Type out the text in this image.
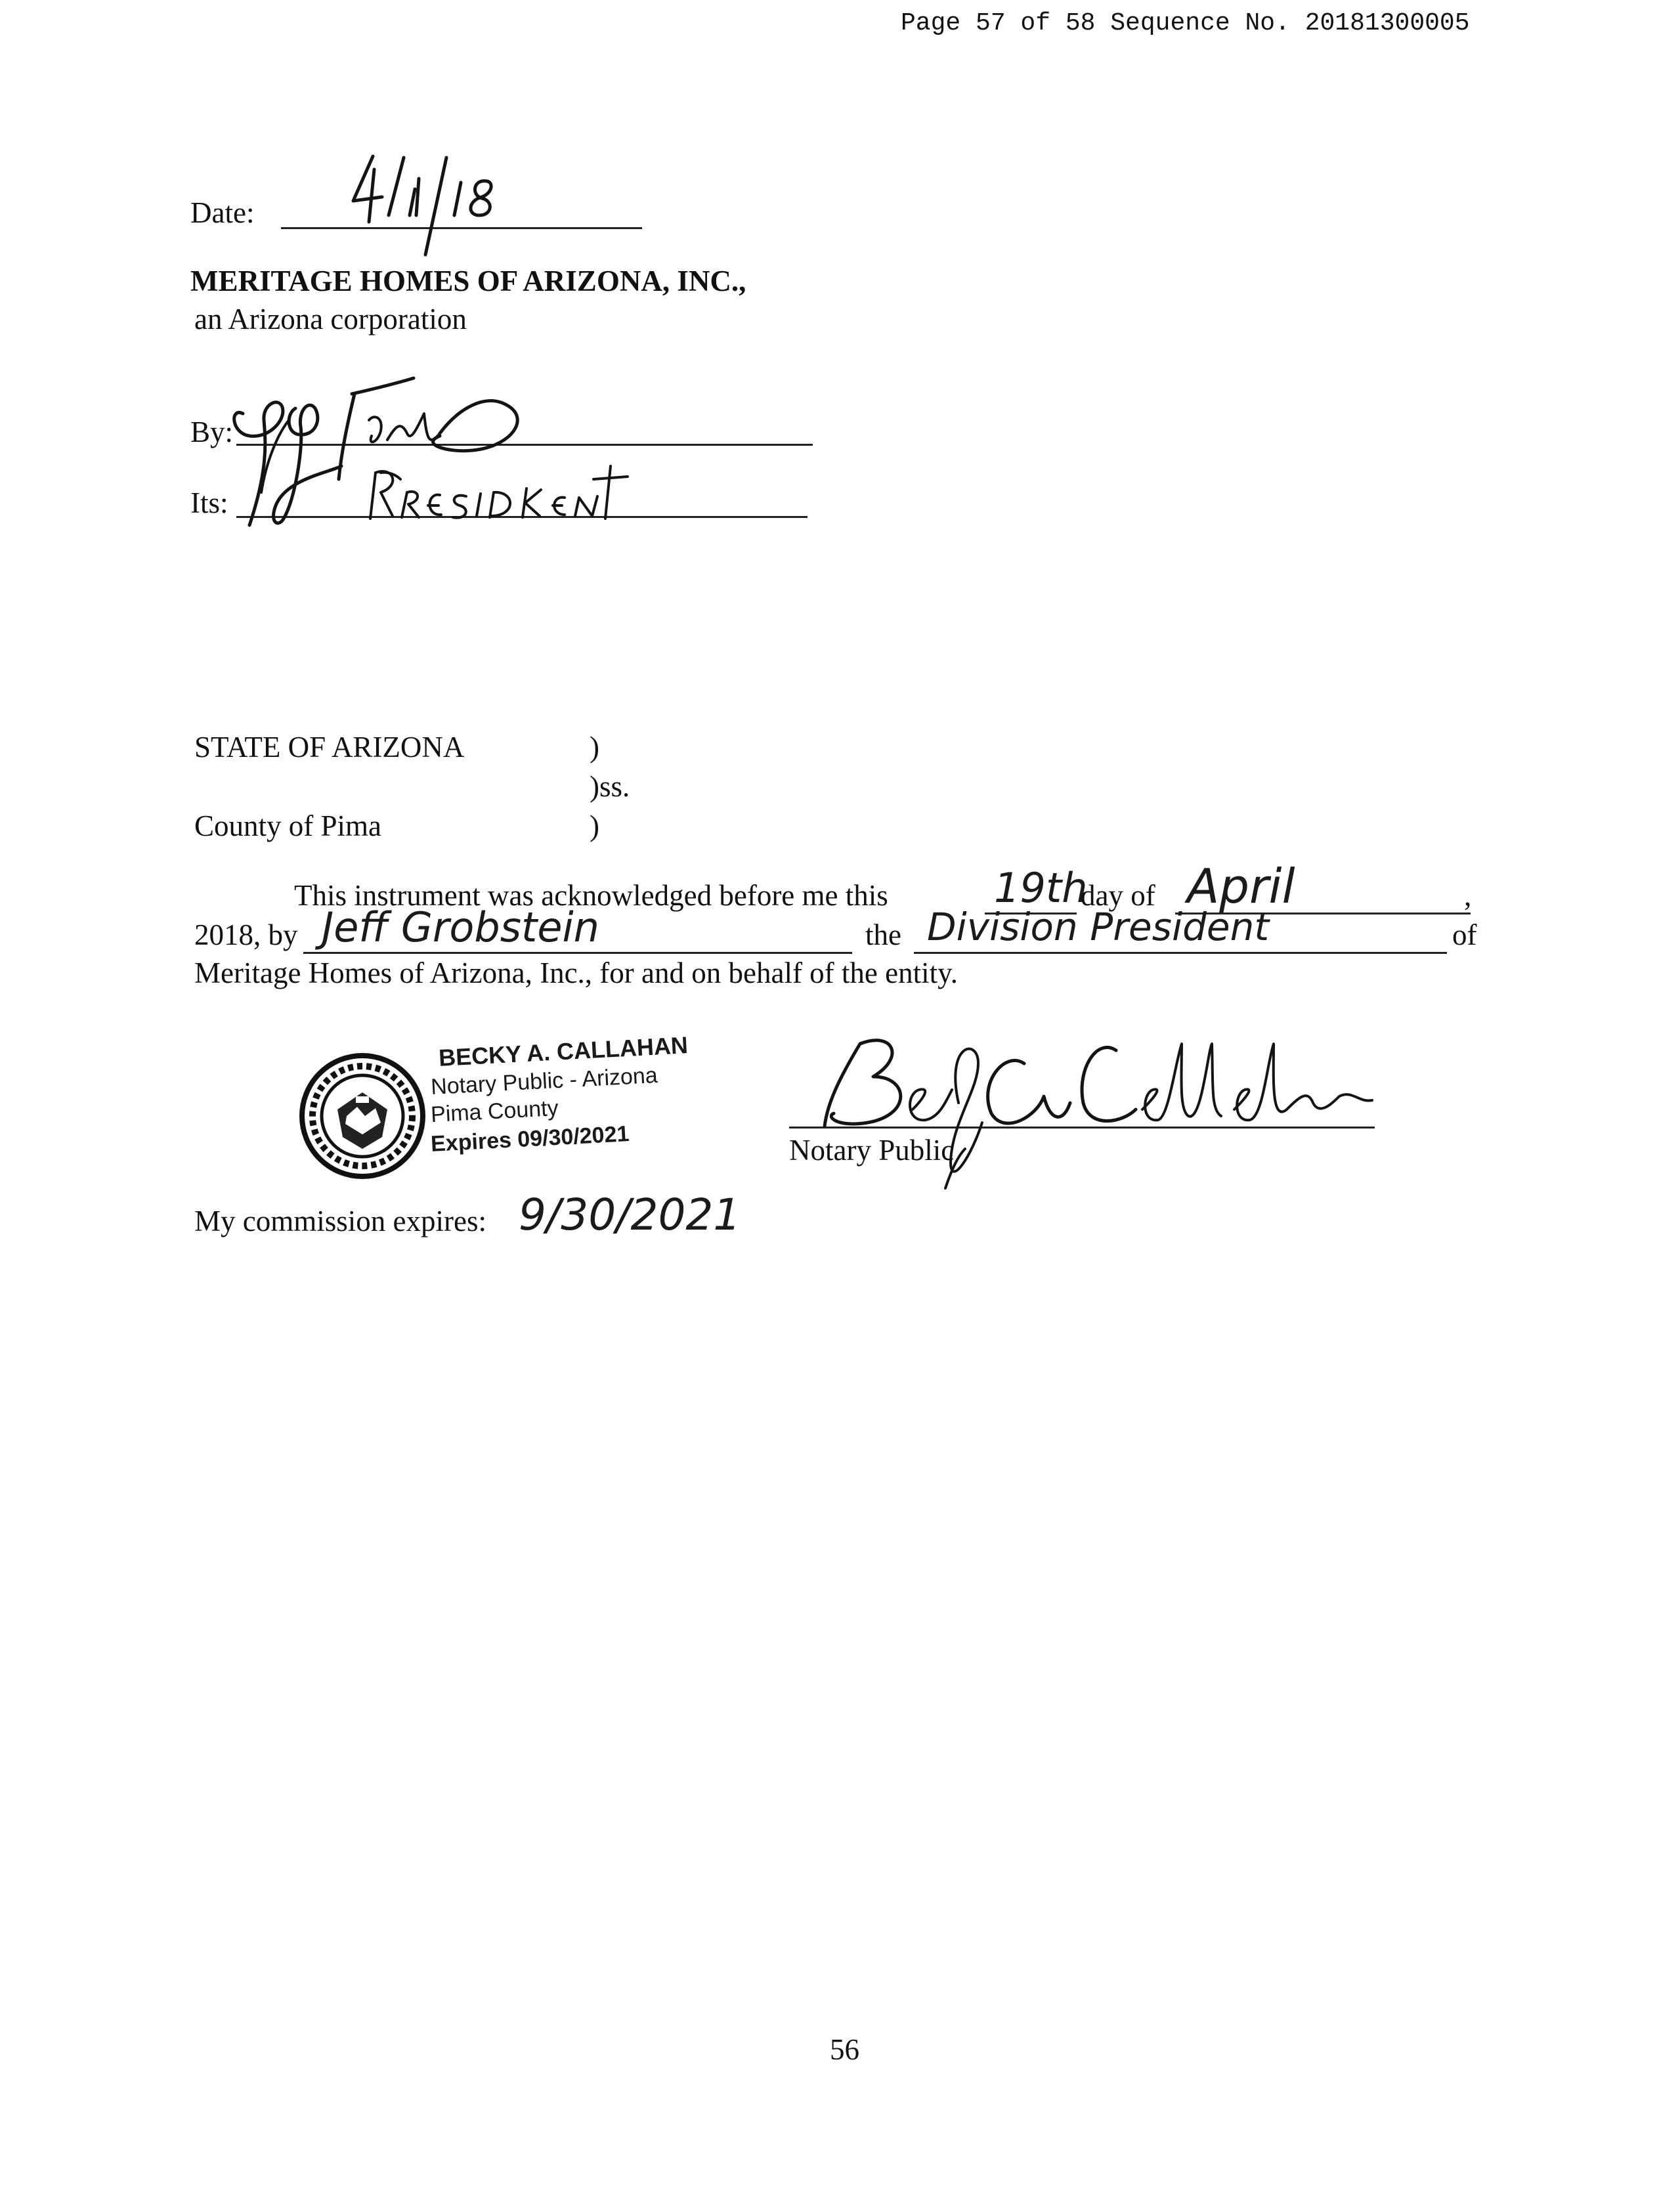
Page 57 of 58 Sequence No. 20181300005
Date:
MERITAGE HOMES OF ARIZONA, INC.,
an Arizona corporation
By:
Its:
STATE OF ARIZONA	)
)ss.
County of Pima	)
This instrument was acknowledged before me this	19th
day of April	,
2018, by Jeff Grobstein	the Division President	of
Meritage Homes of Arizona, Inc., for and on behalf of the entity.
BECKY A. CALLAHAN
Notary Public - Arizona
Pima County
Expires 09/30/2021	Notary Public
My commission expires: 9/30/2021
56
